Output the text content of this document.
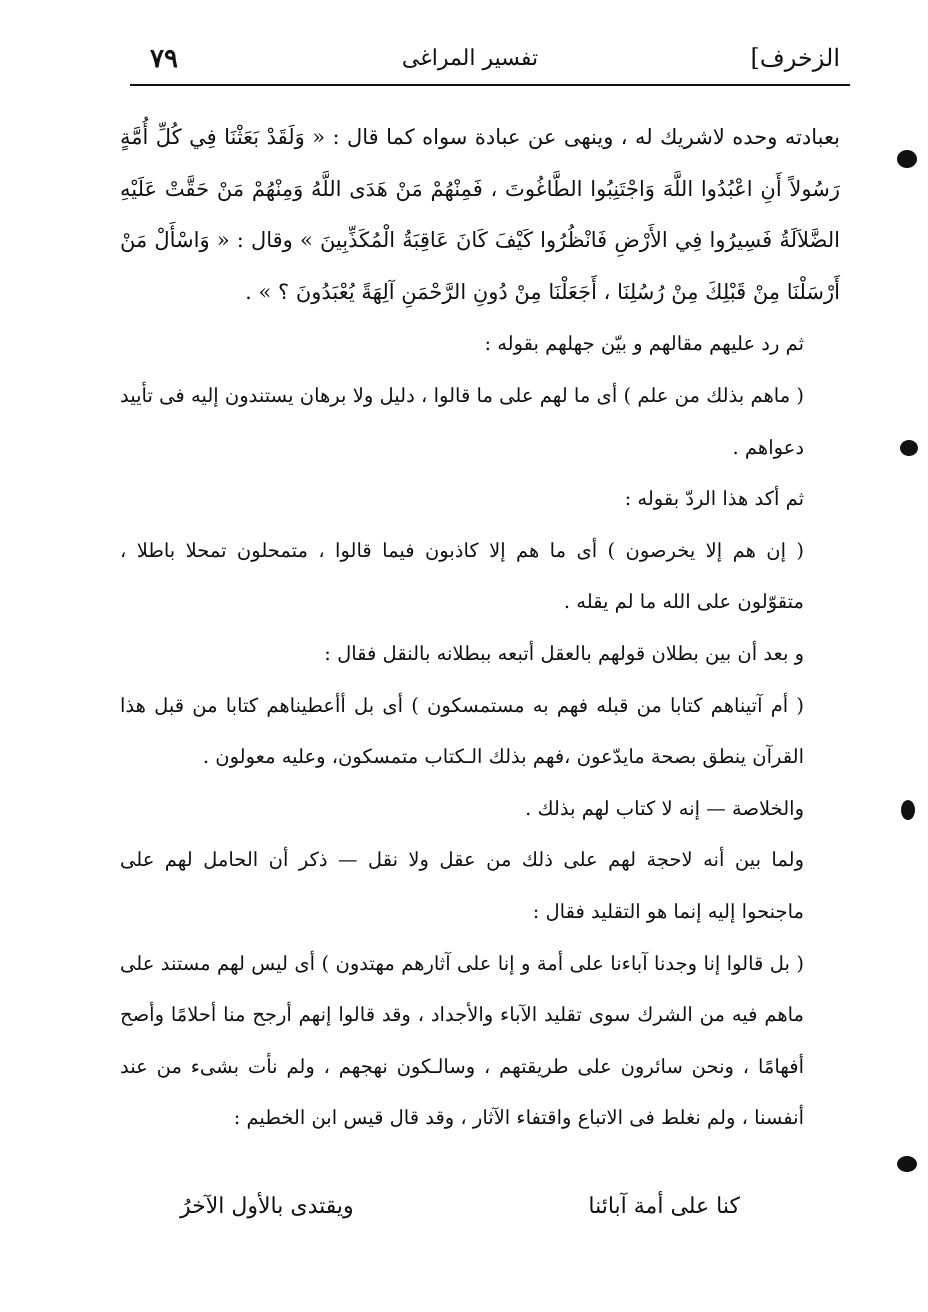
٧٩	تفسير المراغى	الزخرف]

بعبادته وحده لاشريك له ، وينهى عن عبادة سواه كما قال : « وَلَقَدْ بَعَثْنَا فِي كُلِّ أُمَّةٍ رَسُولاً أَنِ اعْبُدُوا اللَّهَ وَاجْتَنِبُوا الطَّاغُوتَ ، فَمِنْهُمْ مَنْ هَدَى اللَّهُ وَمِنْهُمْ مَنْ حَقَّتْ عَلَيْهِ الضَّلاَلَةُ فَسِيرُوا فِي الأَرْضِ فَانْظُرُوا كَيْفَ كَانَ عَاقِبَةُ الْمُكَذِّبِينَ » وقال : « وَاسْأَلْ مَنْ أَرْسَلْنَا مِنْ قَبْلِكَ مِنْ رُسُلِنَا ، أَجَعَلْنَا مِنْ دُونِ الرَّحْمَنِ آلِهَةً يُعْبَدُونَ ؟ » .

ثم رد عليهم مقالهم و بيّن جهلهم بقوله :

( ماهم بذلك من علم ) أى ما لهم على ما قالوا ، دليل ولا برهان يستندون إليه فى تأييد دعواهم .

ثم أكد هذا الردّ بقوله :

( إن هم إلا يخرصون ) أى ما هم إلا كاذبون فيما قالوا ، متمحلون تمحلا باطلا ، متقوّلون على الله ما لم يقله .

و بعد أن بين بطلان قولهم بالعقل أتبعه ببطلانه بالنقل فقال :

( أم آتيناهم كتابا من قبله فهم به مستمسكون ) أى بل أأعطيناهم كتابا من قبل هذا القرآن ينطق بصحة مايدّعون ،فهم بذلك الـكتاب متمسكون، وعليه معولون .

والخلاصة — إنه لا كتاب لهم بذلك .

ولما بين أنه لاحجة لهم على ذلك من عقل ولا نقل — ذكر أن الحامل لهم على ماجنحوا إليه إنما هو التقليد فقال :

( بل قالوا إنا وجدنا آباءنا على أمة و إنا على آثارهم مهتدون ) أى ليس لهم مستند على ماهم فيه من الشرك سوى تقليد الآباء والأجداد ، وقد قالوا إنهم أرجح منا أحلامًا وأصح أفهامًا ، ونحن سائرون على طريقتهم ، وسالـكون نهجهم ، ولم نأت بشىء من عند أنفسنا ، ولم نغلط فى الاتباع واقتفاء الآثار ، وقد قال قيس ابن الخطيم :

كنا على أمة آبائنا
ويقتدى بالأول الآخرُ
